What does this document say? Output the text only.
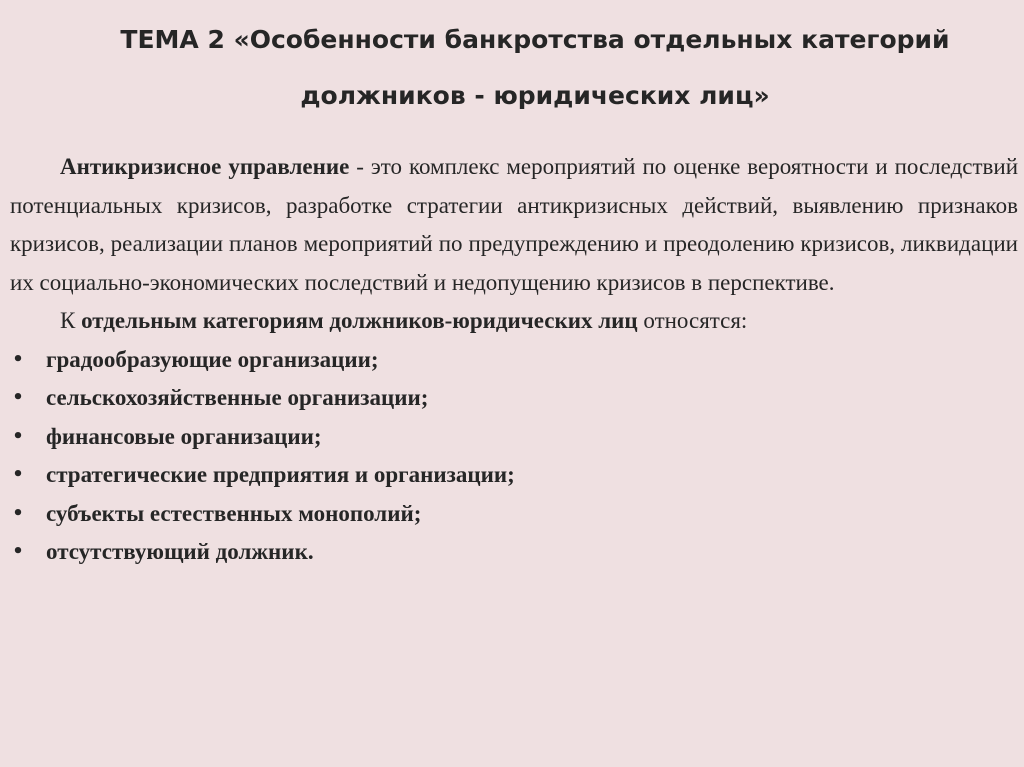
ТЕМА 2 «Особенности банкротства отдельных категорий
должников - юридических лиц»

Антикризисное управление - это комплекс мероприятий по оценке вероятности и последствий потенциальных кризисов, разработке стратегии антикризисных действий, выявлению признаков кризисов, реализации планов мероприятий по предупреждению и преодолению кризисов, ликвидации их социально-экономических последствий и недопущению кризисов в перспективе.

К отдельным категориям должников-юридических лиц относятся:

• градообразующие организации;
• сельскохозяйственные организации;
• финансовые организации;
• стратегические предприятия и организации;
• субъекты естественных монополий;
• отсутствующий должник.
